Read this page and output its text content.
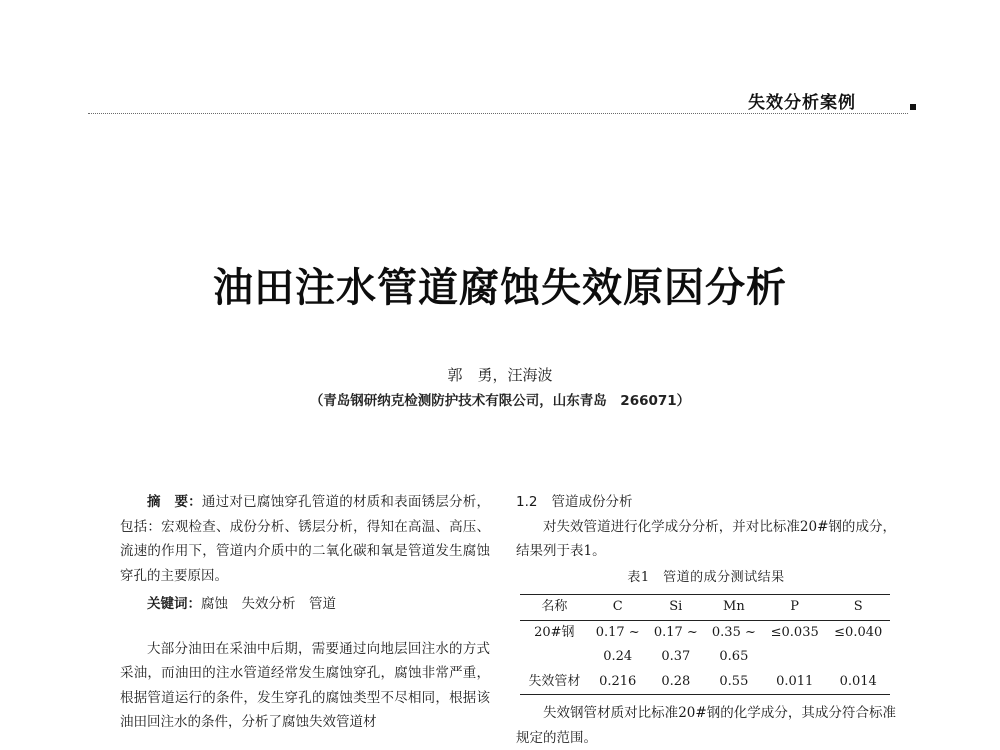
失效分析案例
油田注水管道腐蚀失效原因分析
郭　勇，汪海波
（青岛钢研纳克检测防护技术有限公司，山东青岛　266071）

摘　要：通过对已腐蚀穿孔管道的材质和表面锈层分析，包括：宏观检查、成份分析、锈层分析，得知在高温、高压、流速的作用下，管道内介质中的二氧化碳和氧是管道发生腐蚀穿孔的主要原因。

关键词：腐蚀　失效分析　管道

大部分油田在采油中后期，需要通过向地层回注水的方式采油，而油田的注水管道经常发生腐蚀穿孔，腐蚀非常严重，根据管道运行的条件，发生穿孔的腐蚀类型不尽相同，根据该油田回注水的条件，分析了腐蚀失效管道材

1.2 管道成份分析

对失效管道进行化学成分分析，并对比标准20#钢的成分，结果列于表1。

表1　管道的成分测试结果
名称	C	Si	Mn	P	S
20#钢	0.17 ~	0.17 ~	0.35 ~	≤0.035	≤0.040
	0.24	0.37	0.65		
失效管材	0.216	0.28	0.55	0.011	0.014

失效钢管材质对比标准20#钢的化学成分，其成分符合标准规定的范围。
